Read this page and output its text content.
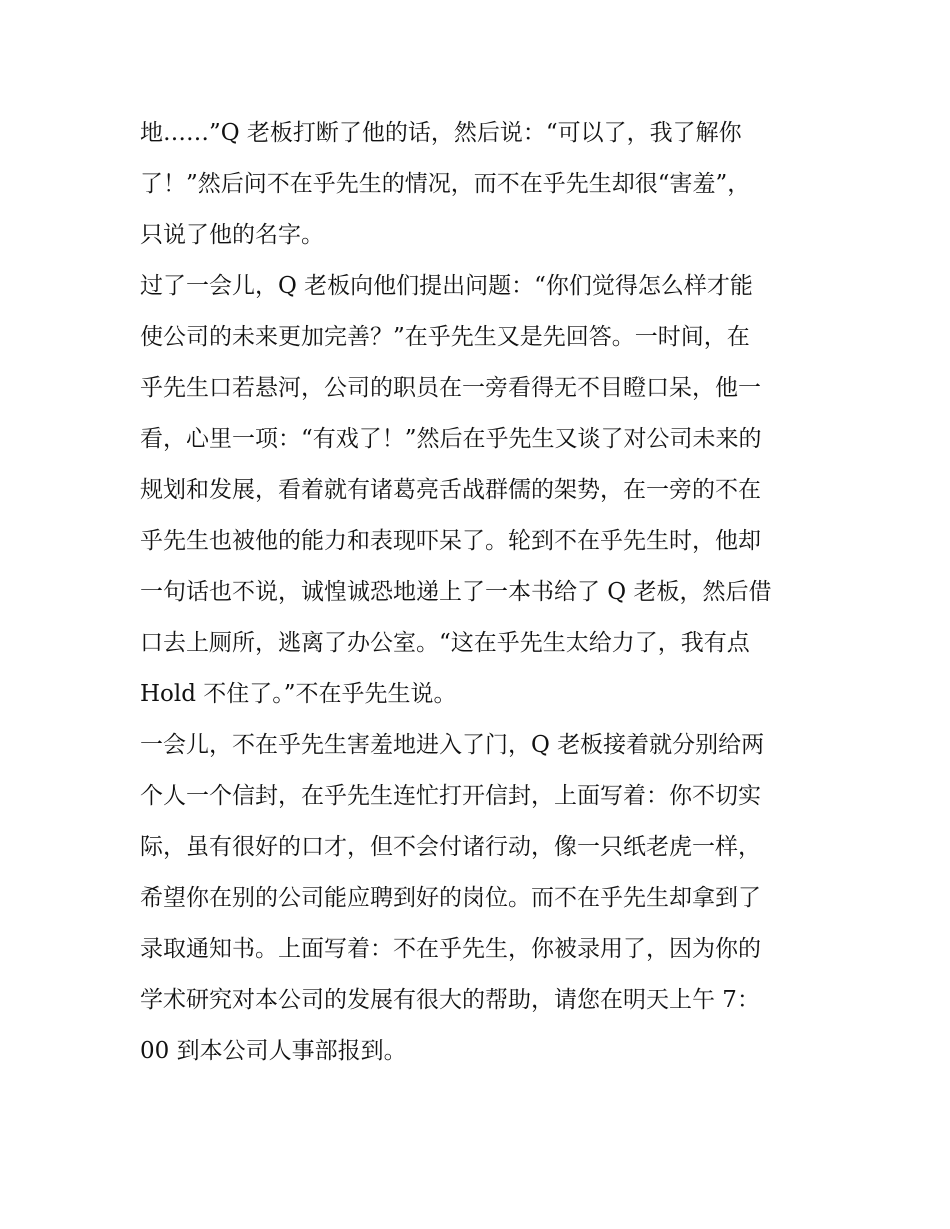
地……”Q 老板打断了他的话，然后说：“可以了，我了解你
了！”然后问不在乎先生的情况，而不在乎先生却很“害羞”，
只说了他的名字。
过了一会儿，Q 老板向他们提出问题：“你们觉得怎么样才能
使公司的未来更加完善？”在乎先生又是先回答。一时间，在
乎先生口若悬河，公司的职员在一旁看得无不目瞪口呆，他一
看，心里一项：“有戏了！”然后在乎先生又谈了对公司未来的
规划和发展，看着就有诸葛亮舌战群儒的架势，在一旁的不在
乎先生也被他的能力和表现吓呆了。轮到不在乎先生时，他却
一句话也不说，诚惶诚恐地递上了一本书给了 Q 老板，然后借
口去上厕所，逃离了办公室。“这在乎先生太给力了，我有点
Hold 不住了。”不在乎先生说。
一会儿，不在乎先生害羞地进入了门，Q 老板接着就分别给两
个人一个信封，在乎先生连忙打开信封，上面写着：你不切实
际，虽有很好的口才，但不会付诸行动，像一只纸老虎一样，
希望你在别的公司能应聘到好的岗位。而不在乎先生却拿到了
录取通知书。上面写着：不在乎先生，你被录用了，因为你的
学术研究对本公司的发展有很大的帮助，请您在明天上午 7：
00 到本公司人事部报到。
